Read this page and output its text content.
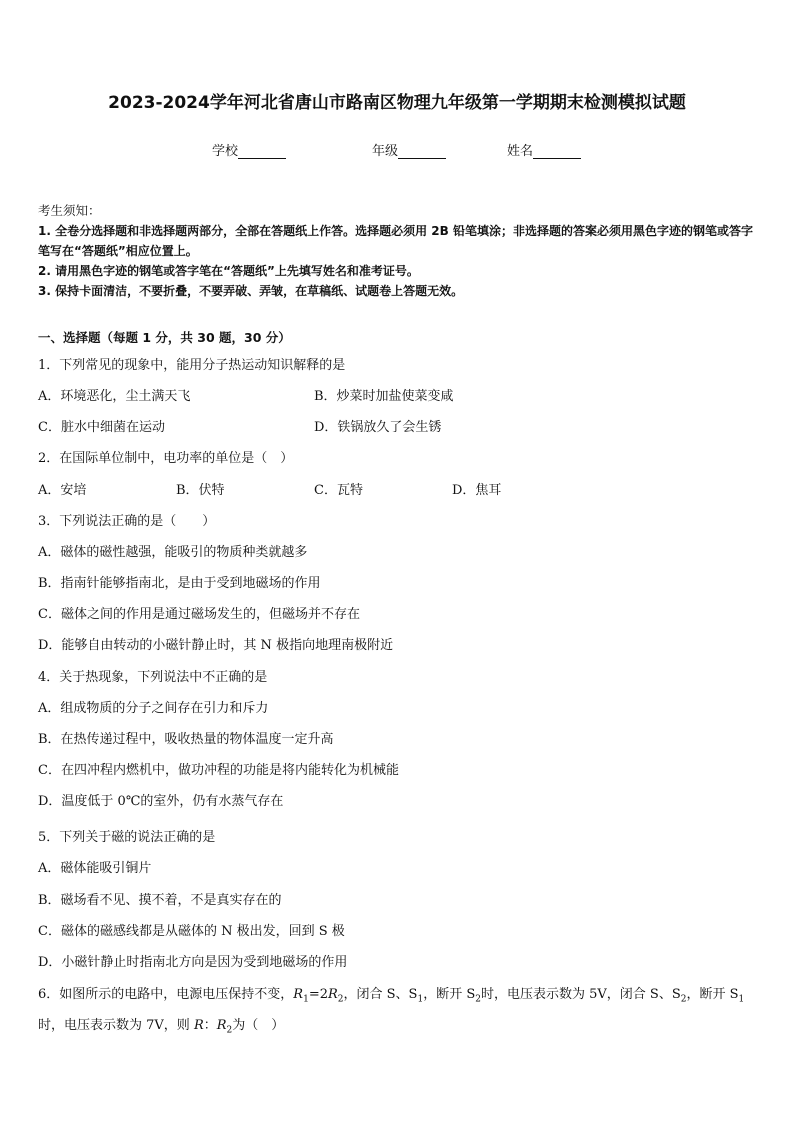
2023-2024学年河北省唐山市路南区物理九年级第一学期期末检测模拟试题
学校	年级	姓名
考生须知：
1. 全卷分选择题和非选择题两部分，全部在答题纸上作答。选择题必须用 2B 铅笔填涂；非选择题的答案必须用黑色字迹的钢笔或答字笔写在“答题纸”相应位置上。
2. 请用黑色字迹的钢笔或答字笔在“答题纸”上先填写姓名和准考证号。
3. 保持卡面清洁，不要折叠，不要弄破、弄皱，在草稿纸、试题卷上答题无效。
一、选择题（每题 1 分，共 30 题，30 分）
1．下列常见的现象中，能用分子热运动知识解释的是
A．环境恶化，尘土满天飞	B．炒菜时加盐使菜变咸
C．脏水中细菌在运动	D．铁锅放久了会生锈
2．在国际单位制中，电功率的单位是（　）
A．安培	B．伏特	C．瓦特	D．焦耳
3．下列说法正确的是（　　）
A．磁体的磁性越强，能吸引的物质种类就越多
B．指南针能够指南北，是由于受到地磁场的作用
C．磁体之间的作用是通过磁场发生的，但磁场并不存在
D．能够自由转动的小磁针静止时，其 N 极指向地理南极附近
4．关于热现象，下列说法中不正确的是
A．组成物质的分子之间存在引力和斥力
B．在热传递过程中，吸收热量的物体温度一定升高
C．在四冲程内燃机中，做功冲程的功能是将内能转化为机械能
D．温度低于 0℃的室外，仍有水蒸气存在
5．下列关于磁的说法正确的是
A．磁体能吸引铜片
B．磁场看不见、摸不着，不是真实存在的
C．磁体的磁感线都是从磁体的 N 极出发，回到 S 极
D．小磁针静止时指南北方向是因为受到地磁场的作用
6．如图所示的电路中，电源电压保持不变，$R_1=2R_2$，闭合 S、$S_1$，断开 $S_2$时，电压表示数为 5V，闭合 S、$S_2$，断开 $S_1$
时，电压表示数为 7V，则 R：$R_2$为（　）
